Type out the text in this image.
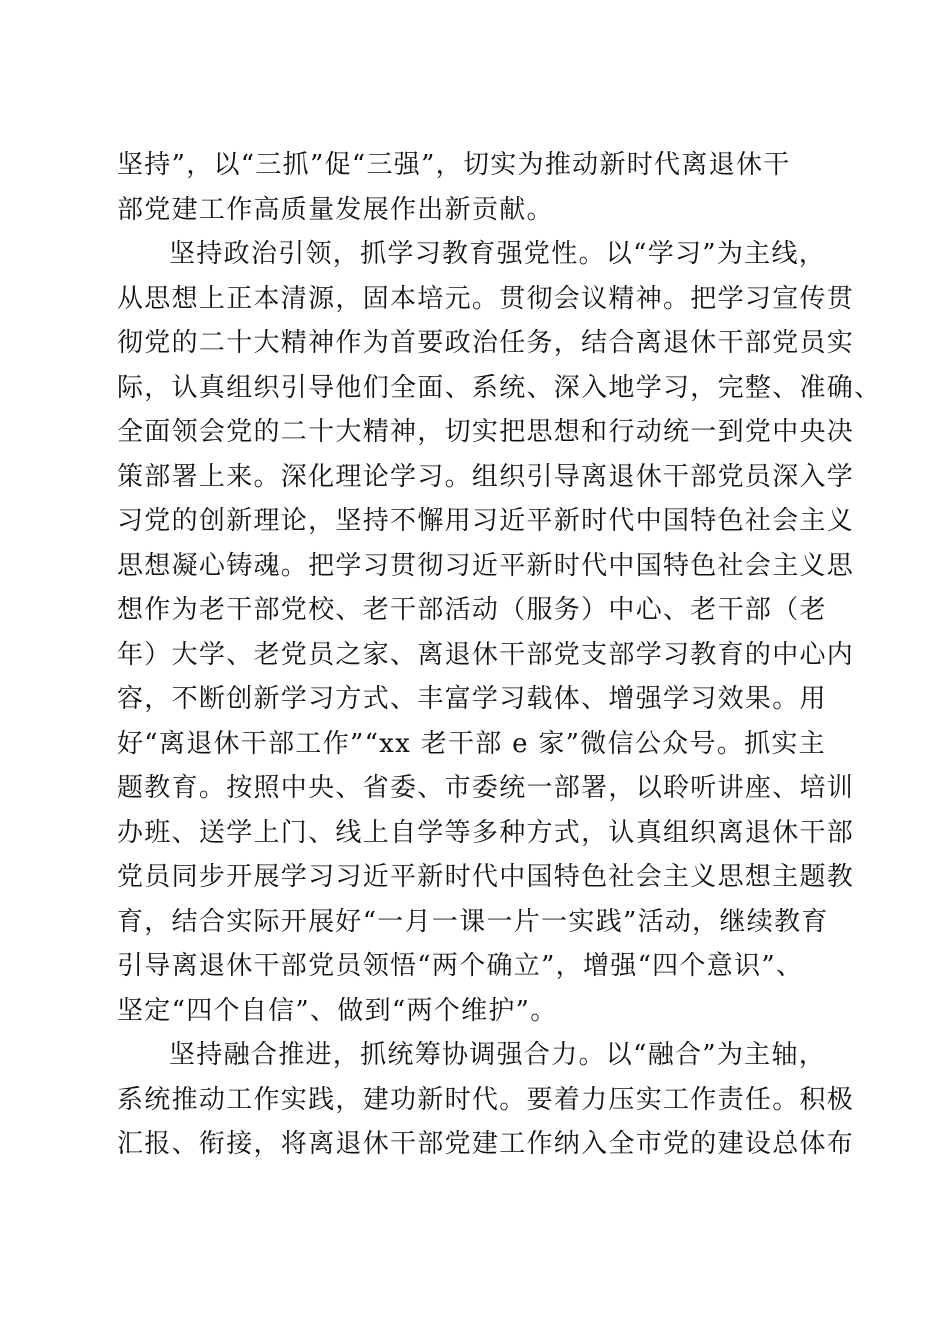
坚持”，以“三抓”促“三强”，切实为推动新时代离退休干
部党建工作高质量发展作出新贡献。
坚持政治引领，抓学习教育强党性。以“学习”为主线，
从思想上正本清源，固本培元。贯彻会议精神。把学习宣传贯
彻党的二十大精神作为首要政治任务，结合离退休干部党员实
际，认真组织引导他们全面、系统、深入地学习，完整、准确、
全面领会党的二十大精神，切实把思想和行动统一到党中央决
策部署上来。深化理论学习。组织引导离退休干部党员深入学
习党的创新理论，坚持不懈用习近平新时代中国特色社会主义
思想凝心铸魂。把学习贯彻习近平新时代中国特色社会主义思
想作为老干部党校、老干部活动（服务）中心、老干部（老
年）大学、老党员之家、离退休干部党支部学习教育的中心内
容，不断创新学习方式、丰富学习载体、增强学习效果。用
好“离退休干部工作”“xx 老干部 e 家”微信公众号。抓实主
题教育。按照中央、省委、市委统一部署，以聆听讲座、培训
办班、送学上门、线上自学等多种方式，认真组织离退休干部
党员同步开展学习习近平新时代中国特色社会主义思想主题教
育，结合实际开展好“一月一课一片一实践”活动，继续教育
引导离退休干部党员领悟“两个确立”，增强“四个意识”、
坚定“四个自信”、做到“两个维护”。
坚持融合推进，抓统筹协调强合力。以“融合”为主轴，
系统推动工作实践，建功新时代。要着力压实工作责任。积极
汇报、衔接，将离退休干部党建工作纳入全市党的建设总体布
